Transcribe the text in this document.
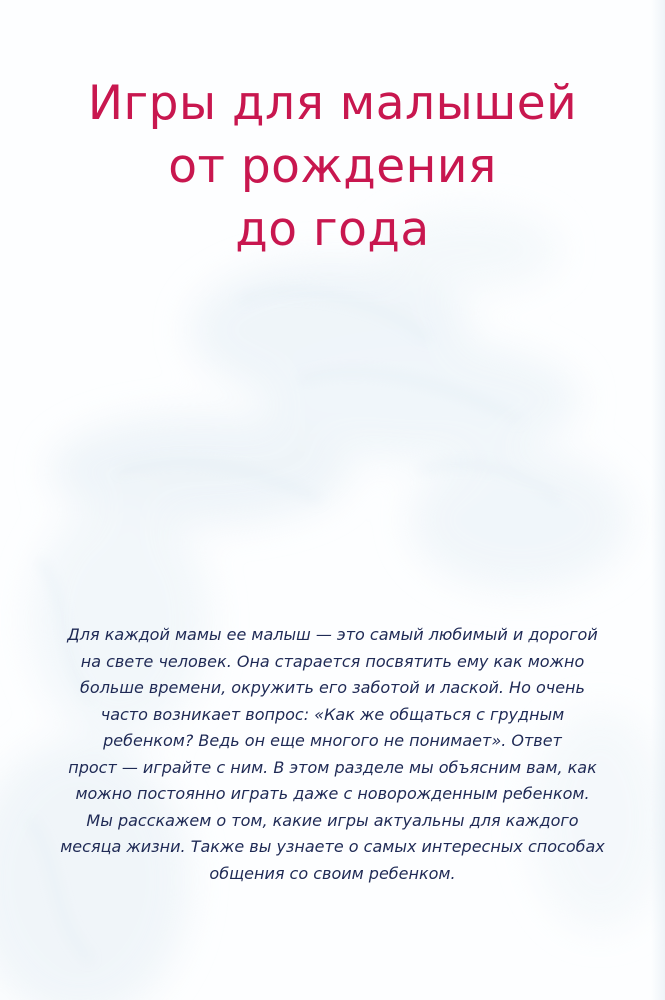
Игры для малышей
от рождения
до года

Для каждой мамы ее малыш — это самый любимый и дорогой
на свете человек. Она старается посвятить ему как можно
больше времени, окружить его заботой и лаской. Но очень
часто возникает вопрос: «Как же общаться с грудным
ребенком? Ведь он еще многого не понимает». Ответ
прост — играйте с ним. В этом разделе мы объясним вам, как
можно постоянно играть даже с новорожденным ребенком.
Мы расскажем о том, какие игры актуальны для каждого
месяца жизни. Также вы узнаете о самых интересных способах
общения со своим ребенком.
